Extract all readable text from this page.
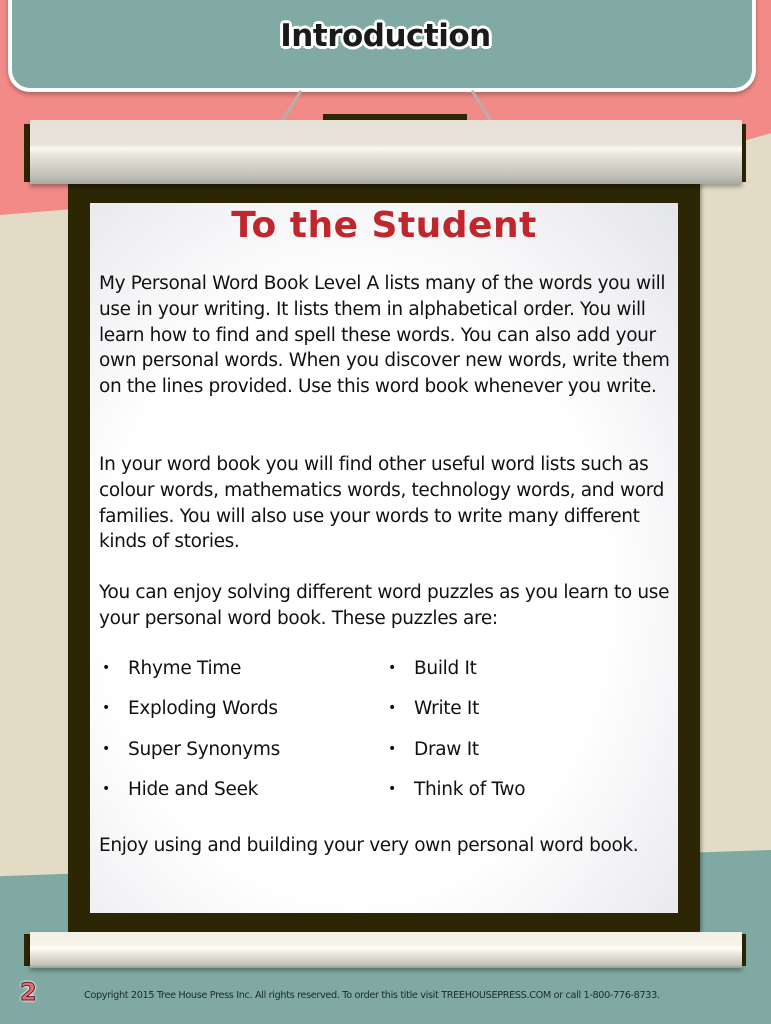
Introduction
To the Student

My Personal Word Book Level A lists many of the words you will use in your writing. It lists them in alphabetical order. You will learn how to find and spell these words. You can also add your own personal words. When you discover new words, write them on the lines provided. Use this word book whenever you write.

In your word book you will find other useful word lists such as colour words, mathematics words, technology words, and word families. You will also use your words to write many different kinds of stories.

You can enjoy solving different word puzzles as you learn to use your personal word book. These puzzles are:

• Rhyme Time
• Exploding Words
• Super Synonyms
• Hide and Seek
• Build It
• Write It
• Draw It
• Think of Two

Enjoy using and building your very own personal word book.

2	Copyright 2015 Tree House Press Inc. All rights reserved. To order this title visit TREEHOUSEPRESS.COM or call 1-800-776-8733.
